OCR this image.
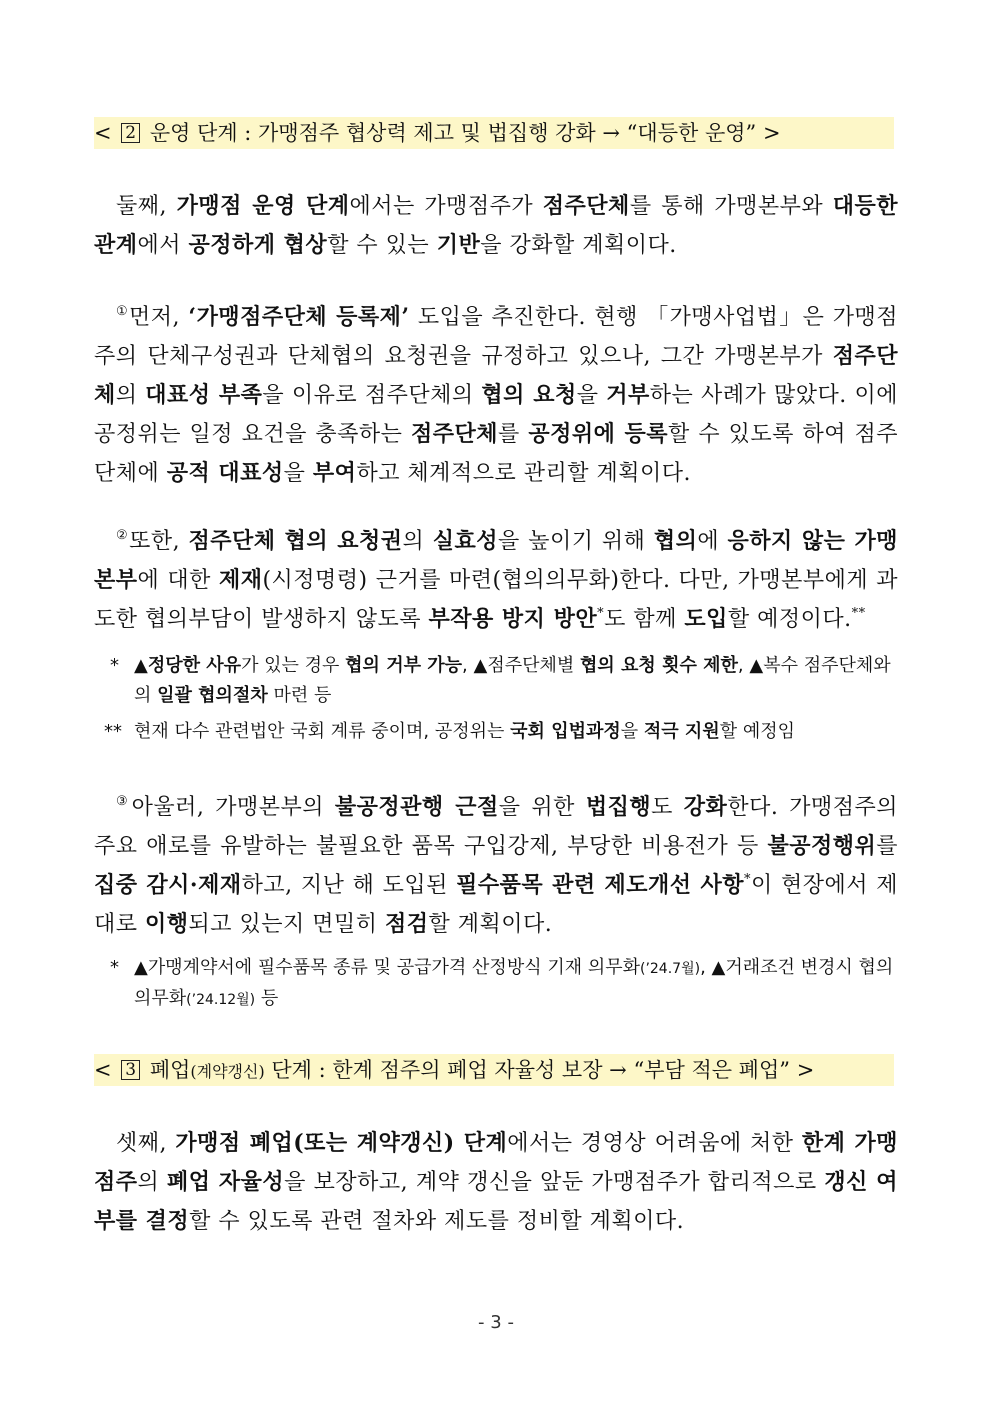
< 2 운영 단계 : 가맹점주 협상력 제고 및 법집행 강화 → “대등한 운영” >

둘째, 가맹점 운영 단계에서는 가맹점주가 점주단체를 통해 가맹본부와 대등한 관계에서 공정하게 협상할 수 있는 기반을 강화할 계획이다.

①먼저, ‘가맹점주단체 등록제’ 도입을 추진한다. 현행 「가맹사업법」은 가맹점주의 단체구성권과 단체협의 요청권을 규정하고 있으나, 그간 가맹본부가 점주단체의 대표성 부족을 이유로 점주단체의 협의 요청을 거부하는 사례가 많았다. 이에 공정위는 일정 요건을 충족하는 점주단체를 공정위에 등록할 수 있도록 하여 점주단체에 공적 대표성을 부여하고 체계적으로 관리할 계획이다.

②또한, 점주단체 협의 요청권의 실효성을 높이기 위해 협의에 응하지 않는 가맹본부에 대한 제재(시정명령) 근거를 마련(협의의무화)한다. 다만, 가맹본부에게 과도한 협의부담이 발생하지 않도록 부작용 방지 방안*도 함께 도입할 예정이다.**

* ▲정당한 사유가 있는 경우 협의 거부 가능, ▲점주단체별 협의 요청 횟수 제한, ▲복수 점주단체와의 일괄 협의절차 마련 등
** 현재 다수 관련법안 국회 계류 중이며, 공정위는 국회 입법과정을 적극 지원할 예정임

③아울러, 가맹본부의 불공정관행 근절을 위한 법집행도 강화한다. 가맹점주의 주요 애로를 유발하는 불필요한 품목 구입강제, 부당한 비용전가 등 불공정행위를 집중 감시·제재하고, 지난 해 도입된 필수품목 관련 제도개선 사항*이 현장에서 제대로 이행되고 있는지 면밀히 점검할 계획이다.

* ▲가맹계약서에 필수품목 종류 및 공급가격 산정방식 기재 의무화(’24.7월), ▲거래조건 변경시 협의의무화(’24.12월) 등
< 3 폐업(계약갱신) 단계 : 한계 점주의 폐업 자율성 보장 → “부담 적은 폐업” >

셋째, 가맹점 폐업(또는 계약갱신) 단계에서는 경영상 어려움에 처한 한계 가맹점주의 폐업 자율성을 보장하고, 계약 갱신을 앞둔 가맹점주가 합리적으로 갱신 여부를 결정할 수 있도록 관련 절차와 제도를 정비할 계획이다.

- 3 -
